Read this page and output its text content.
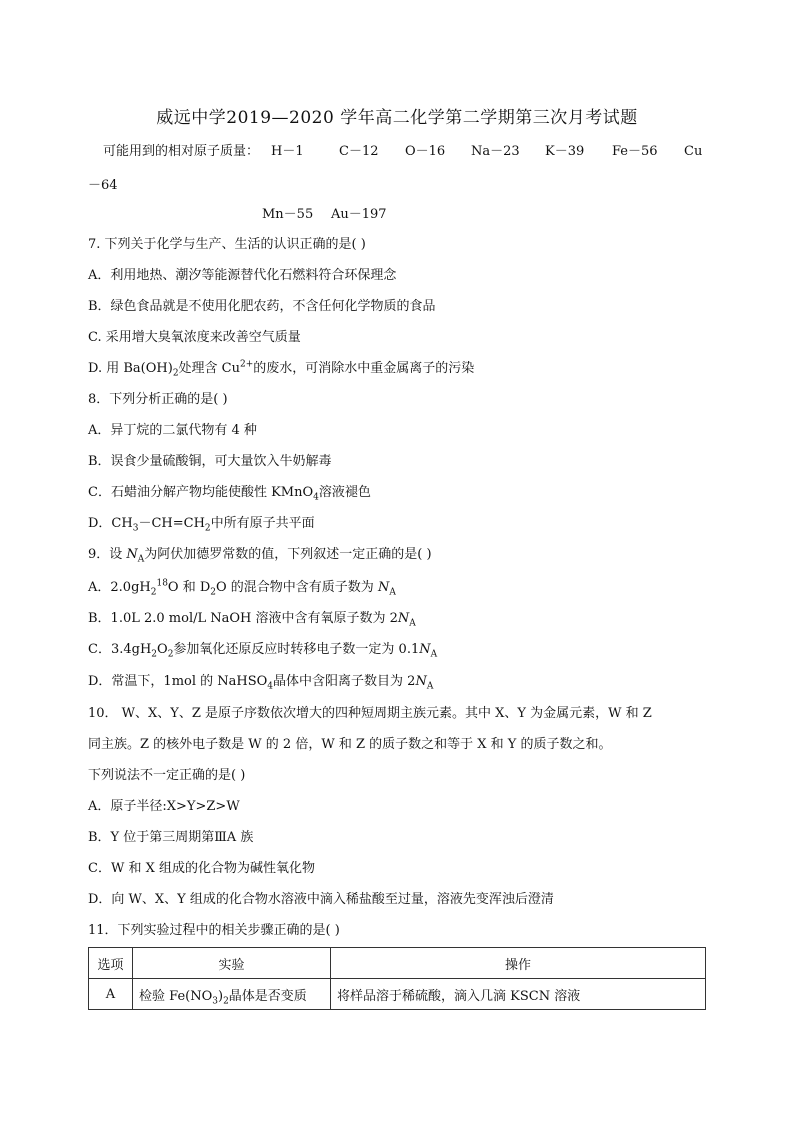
威远中学2019—2020 学年高二化学第二学期第三次月考试题
可能用到的相对原子质量： H－1	C－12 O－16 Na－23 K－39 Fe－56 Cu
－64
Mn－55 Au－197
7. 下列关于化学与生产、生活的认识正确的是( )
A．利用地热、潮汐等能源替代化石燃料符合环保理念
B．绿色食品就是不使用化肥农药，不含任何化学物质的食品
C. 采用增大臭氧浓度来改善空气质量
D. 用 $Ba(OH)_2$处理含 $Cu^{2+}$的废水，可消除水中重金属离子的污染
8．下列分析正确的是( )
A．异丁烷的二氯代物有 4 种
B．误食少量硫酸铜，可大量饮入牛奶解毒
C．石蜡油分解产物均能使酸性 KMnO$_4$溶液褪色
D．$CH_3-CH=CH_2$中所有原子共平面
9．设 $N_A$为阿伏加德罗常数的值，下列叙述一定正确的是( )
A．$2.0gH_2^{18}O$ 和 $D_2O$ 的混合物中含有质子数为 $N_A$
B．1.0L 2.0 mol/L NaOH 溶液中含有氧原子数为 $2N_A$
C．$3.4gH_2O_2$参加氧化还原反应时转移电子数一定为 $0.1N_A$
D．常温下，1mol 的 NaHSO$_4$晶体中含阳离子数目为 $2N_A$
10． W、X、Y、Z 是原子序数依次增大的四种短周期主族元素。其中 X、Y 为金属元素，W 和 Z
同主族。Z 的核外电子数是 W 的 2 倍，W 和 Z 的质子数之和等于 X 和 Y 的质子数之和。
下列说法不一定正确的是( )
A．原子半径:X>Y>Z>W
B．Y 位于第三周期第ⅢA 族
C．W 和 X 组成的化合物为碱性氧化物
D．向 W、X、Y 组成的化合物水溶液中滴入稀盐酸至过量，溶液先变浑浊后澄清
11．下列实验过程中的相关步骤正确的是( )
选项	实验	操作
A	检验 $Fe(NO_3)_2$晶体是否变质	将样品溶于稀硫酸，滴入几滴 KSCN 溶液
